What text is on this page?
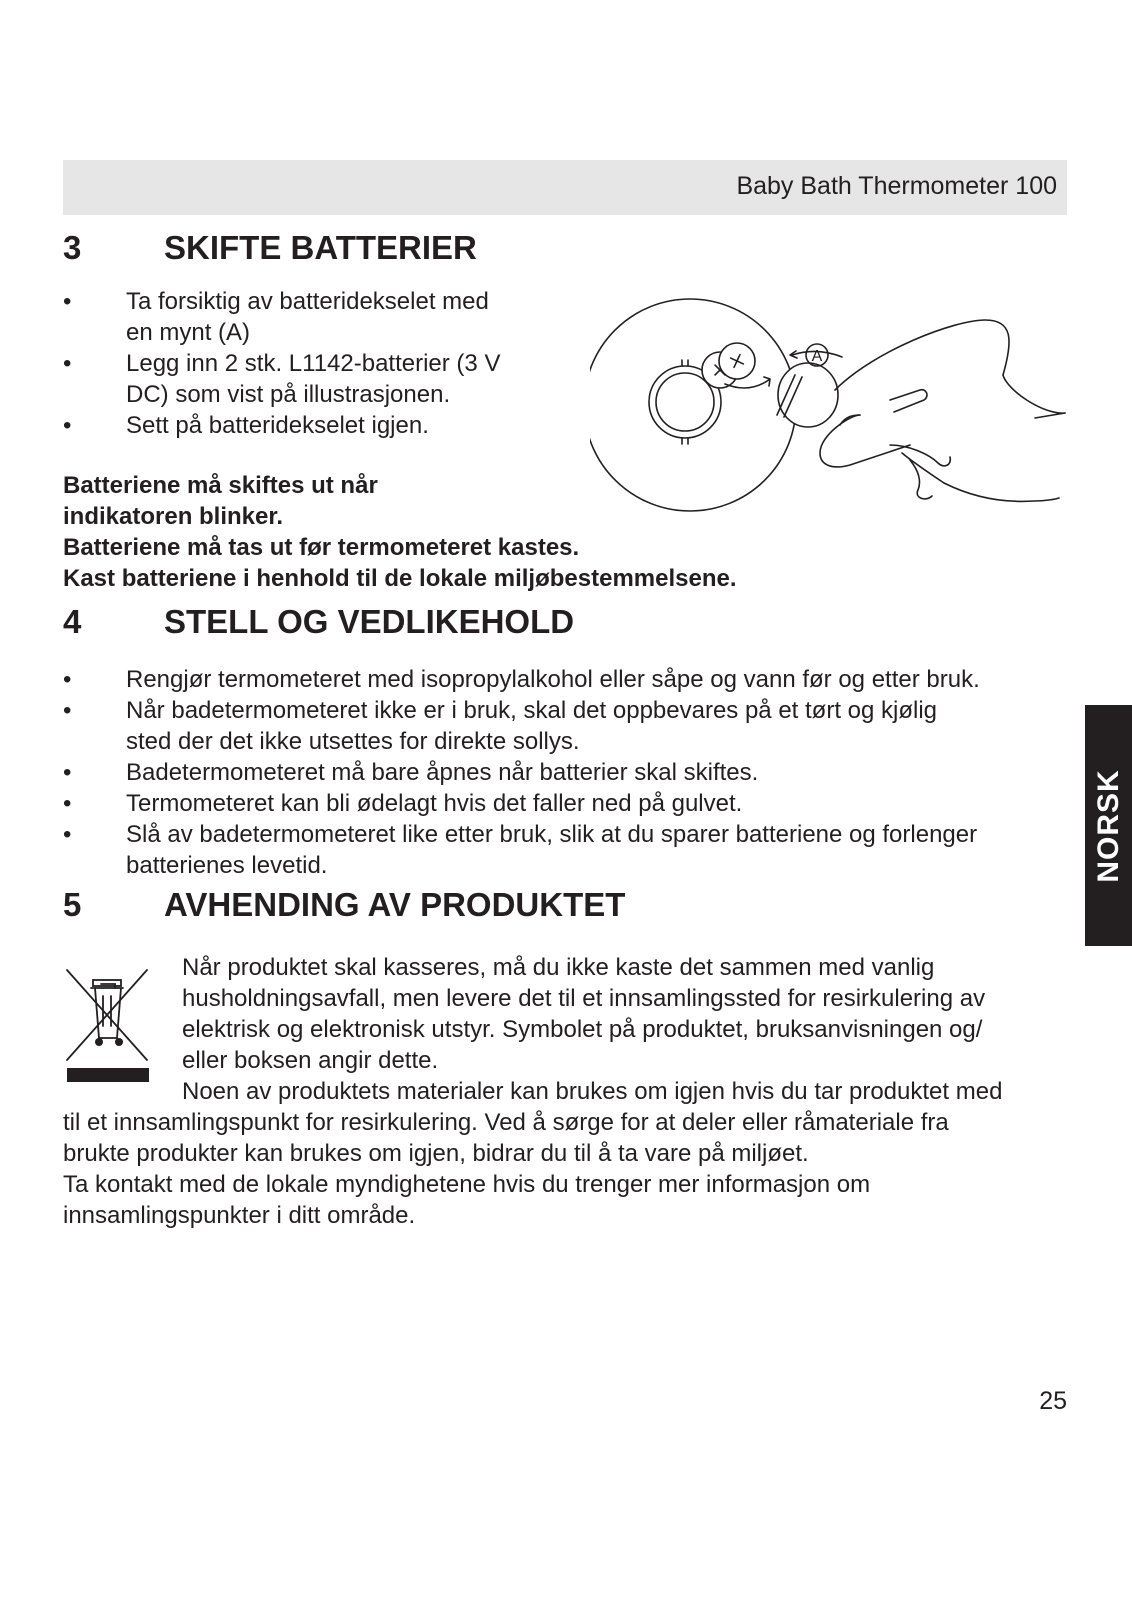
Baby Bath Thermometer 100
3	SKIFTE BATTERIER
• Ta forsiktig av batteridekselet med
en mynt (A)
• Legg inn 2 stk. L1142-batterier (3 V
DC) som vist på illustrasjonen.
• Sett på batteridekselet igjen.
Batteriene må skiftes ut når
indikatoren blinker.
Batteriene må tas ut før termometeret kastes.
Kast batteriene i henhold til de lokale miljøbestemmelsene.
A
4	STELL OG VEDLIKEHOLD
• Rengjør termometeret med isopropylalkohol eller såpe og vann før og etter bruk.
• Når badetermometeret ikke er i bruk, skal det oppbevares på et tørt og kjølig
sted der det ikke utsettes for direkte sollys.
• Badetermometeret må bare åpnes når batterier skal skiftes.
• Termometeret kan bli ødelagt hvis det faller ned på gulvet.
• Slå av badetermometeret like etter bruk, slik at du sparer batteriene og forlenger
batterienes levetid.
5	AVHENDING AV PRODUKTET
Når produktet skal kasseres, må du ikke kaste det sammen med vanlig
husholdningsavfall, men levere det til et innsamlingssted for resirkulering av
elektrisk og elektronisk utstyr. Symbolet på produktet, bruksanvisningen og/
eller boksen angir dette.
Noen av produktets materialer kan brukes om igjen hvis du tar produktet med
til et innsamlingspunkt for resirkulering. Ved å sørge for at deler eller råmateriale fra
brukte produkter kan brukes om igjen, bidrar du til å ta vare på miljøet.
Ta kontakt med de lokale myndighetene hvis du trenger mer informasjon om
innsamlingspunkter i ditt område.
NORSK
25
